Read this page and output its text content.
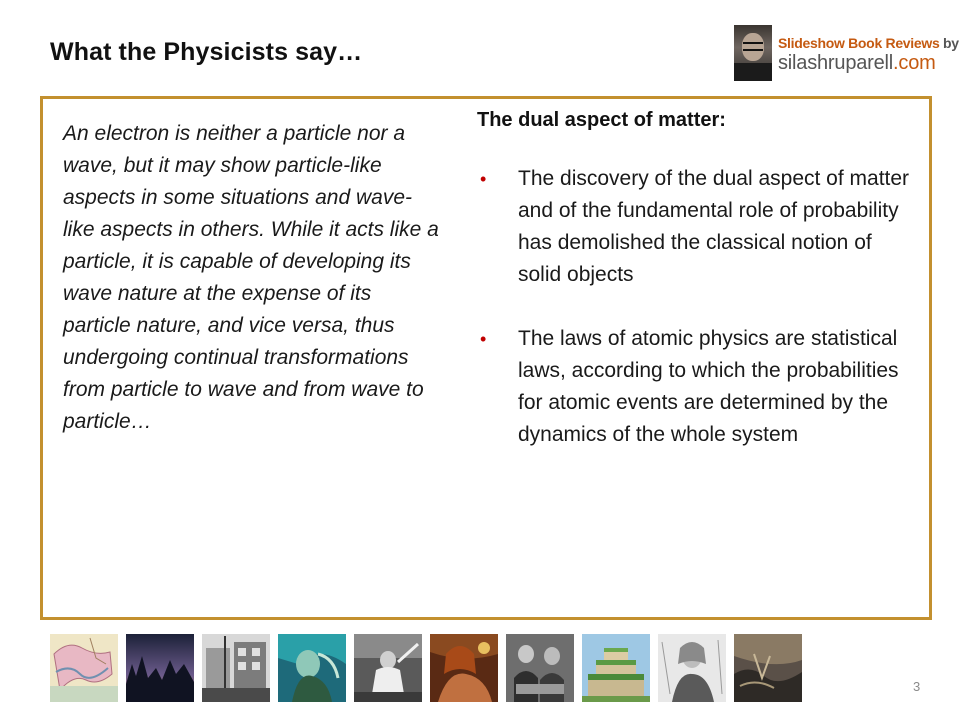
What the Physicists say…	Slideshow Book Reviews by
silashruparell.com

An electron is neither a particle nor a wave, but it may show particle-like aspects in some situations and wave-like aspects in others. While it acts like a particle, it is capable of developing its wave nature at the expense of its particle nature, and vice versa, thus undergoing continual transformations from particle to wave and from wave to particle…

The dual aspect of matter:
• The discovery of the dual aspect of matter and of the fundamental role of probability has demolished the classical notion of solid objects
• The laws of atomic physics are statistical laws, according to which the probabilities for atomic events are determined by the dynamics of the whole system
3
